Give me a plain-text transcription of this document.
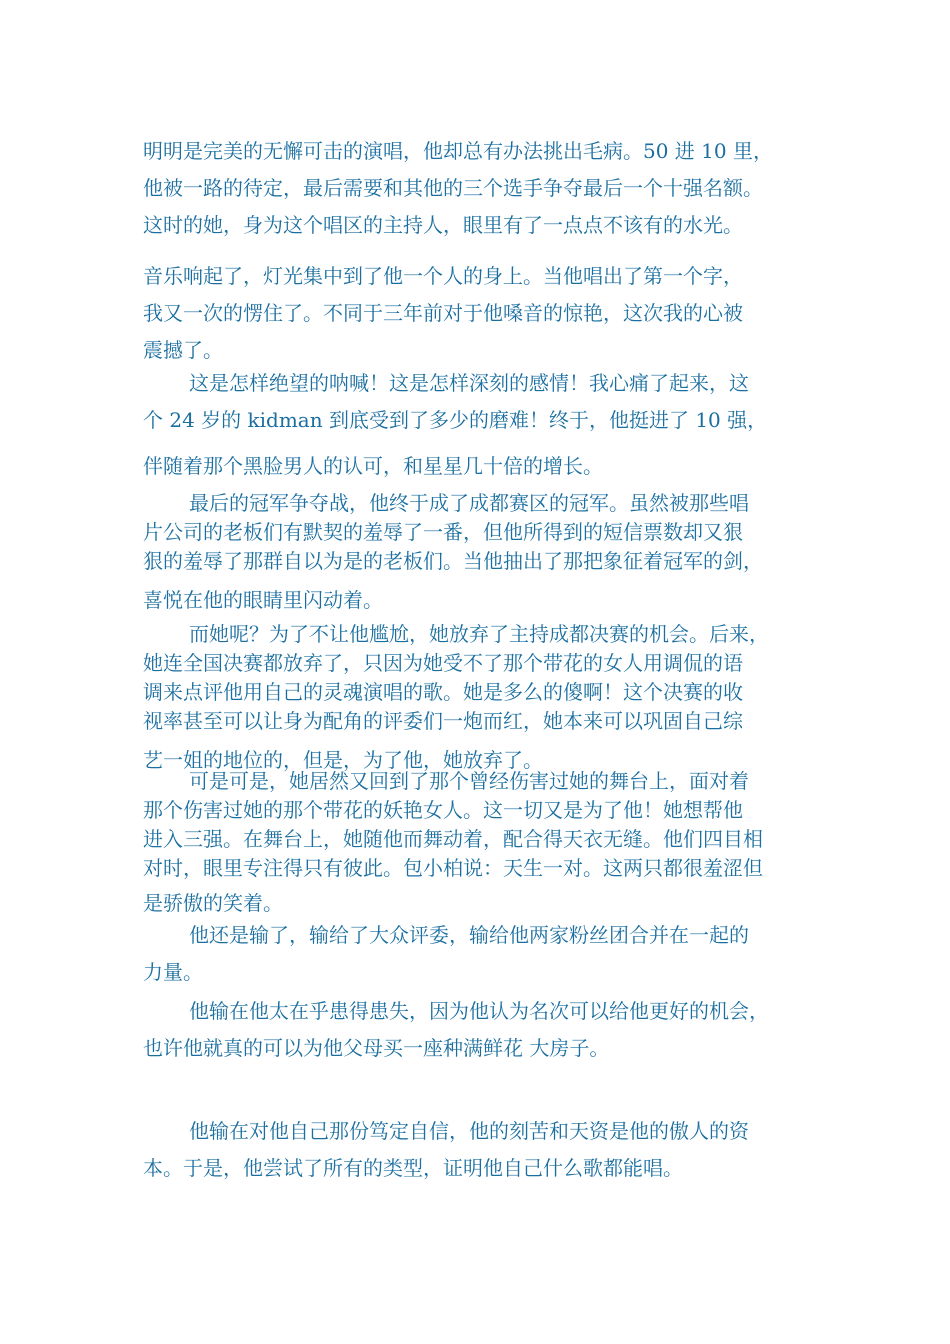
明明是完美的无懈可击的演唱，他却总有办法挑出毛病。50 进 10 里，
他被一路的待定，最后需要和其他的三个选手争夺最后一个十强名额。
这时的她，身为这个唱区的主持人，眼里有了一点点不该有的水光。
音乐响起了，灯光集中到了他一个人的身上。当他唱出了第一个字，
我又一次的愣住了。不同于三年前对于他嗓音的惊艳，这次我的心被
震撼了。
这是怎样绝望的呐喊！这是怎样深刻的感情！我心痛了起来，这
个 24 岁的 kidman 到底受到了多少的磨难！终于，他挺进了 10 强，
伴随着那个黑脸男人的认可，和星星几十倍的增长。
最后的冠军争夺战，他终于成了成都赛区的冠军。虽然被那些唱
片公司的老板们有默契的羞辱了一番，但他所得到的短信票数却又狠
狠的羞辱了那群自以为是的老板们。当他抽出了那把象征着冠军的剑，
喜悦在他的眼睛里闪动着。
而她呢？为了不让他尴尬，她放弃了主持成都决赛的机会。后来，
她连全国决赛都放弃了，只因为她受不了那个带花的女人用调侃的语
调来点评他用自己的灵魂演唱的歌。她是多么的傻啊！这个决赛的收
视率甚至可以让身为配角的评委们一炮而红，她本来可以巩固自己综
艺一姐的地位的，但是，为了他，她放弃了。
可是可是，她居然又回到了那个曾经伤害过她的舞台上，面对着
那个伤害过她的那个带花的妖艳女人。这一切又是为了他！她想帮他
进入三强。在舞台上，她随他而舞动着，配合得天衣无缝。他们四目相
对时，眼里专注得只有彼此。包小柏说：天生一对。这两只都很羞涩但
是骄傲的笑着。
他还是输了，输给了大众评委，输给他两家粉丝团合并在一起的
力量。
他输在他太在乎患得患失，因为他认为名次可以给他更好的机会，
也许他就真的可以为他父母买一座种满鲜花 大房子。
他输在对他自己那份笃定自信，他的刻苦和天资是他的傲人的资
本。于是，他尝试了所有的类型，证明他自己什么歌都能唱。
